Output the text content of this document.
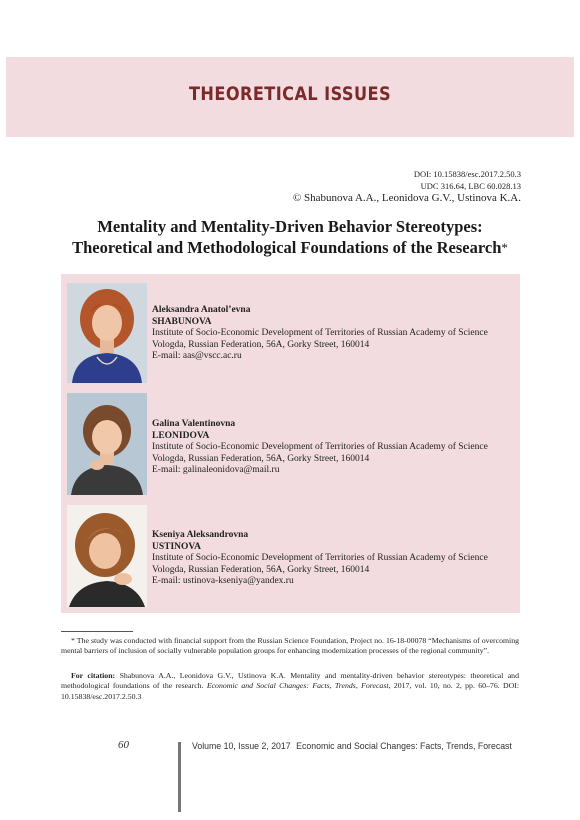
THEORETICAL ISSUES
DOI: 10.15838/esc.2017.2.50.3
UDC 316.64, LBC 60.028.13
© Shabunova A.A., Leonidova G.V., Ustinova K.A.
Mentality and Mentality-Driven Behavior Stereotypes:
Theoretical and Methodological Foundations of the Research*
Aleksandra Anatol’evna
SHABUNOVA
Institute of Socio-Economic Development of Territories of Russian Academy of Science
Vologda, Russian Federation, 56A, Gorky Street, 160014
E-mail: aas@vscc.ac.ru
Galina Valentinovna
LEONIDOVA
Institute of Socio-Economic Development of Territories of Russian Academy of Science
Vologda, Russian Federation, 56A, Gorky Street, 160014
E-mail: galinaleonidova@mail.ru
Kseniya Aleksandrovna
USTINOVA
Institute of Socio-Economic Development of Territories of Russian Academy of Science
Vologda, Russian Federation, 56A, Gorky Street, 160014
E-mail: ustinova-kseniya@yandex.ru
* The study was conducted with financial support from the Russian Science Foundation, Project no. 16-18-00078 “Mechanisms of overcoming mental barriers of inclusion of socially vulnerable population groups for enhancing modernization processes of the regional community”.
For citation: Shabunova A.A., Leonidova G.V., Ustinova K.A. Mentality and mentality-driven behavior stereotypes: theoretical and methodological foundations of the research. Economic and Social Changes: Facts, Trends, Forecast, 2017, vol. 10, no. 2, pp. 60–76. DOI: 10.15838/esc.2017.2.50.3
60	Volume 10, Issue 2, 2017 Economic and Social Changes: Facts, Trends, Forecast
